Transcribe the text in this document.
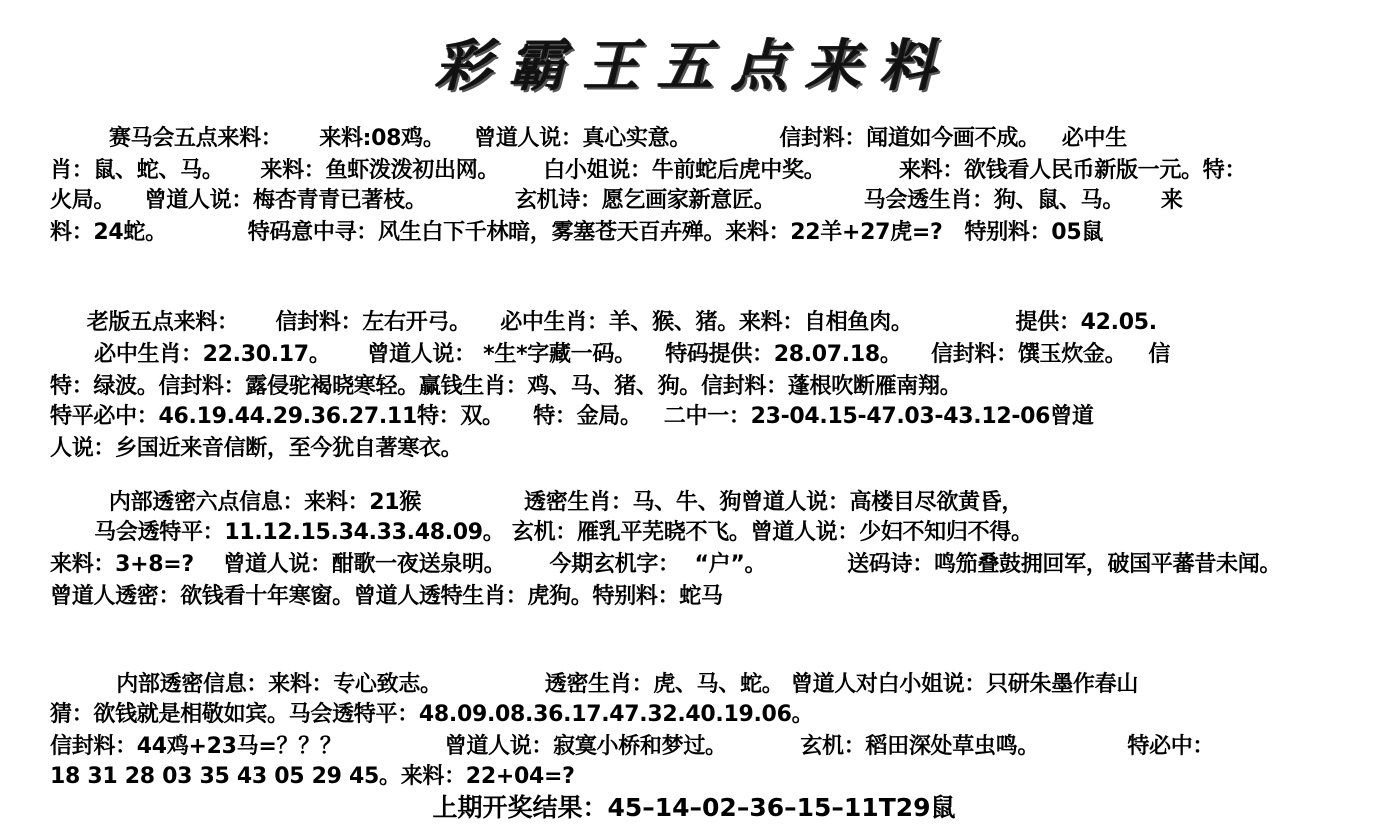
彩霸王五点来料
赛马会五点来料：     来料:08鸡。    曾道人说：真心实意。            信封料：闻道如今画不成。   必中生
肖：鼠、蛇、马。     来料：鱼虾泼泼初出网。      白小姐说：牛前蛇后虎中奖。          来料：欲钱看人民币新版一元。特：
火局。    曾道人说：梅杏青青已著枝。            玄机诗：愿乞画家新意匠。            马会透生肖：狗、鼠、马。     来
料：24蛇。           特码意中寻：风生白下千林暗，雾塞苍天百卉殚。来料：22羊+27虎=?   特别料：05鼠
老版五点来料：     信封料：左右开弓。    必中生肖：羊、猴、猪。来料：自相鱼肉。              提供：42.05.
必中生肖：22.30.17。     曾道人说： *生*字藏一码。    特码提供：28.07.18。    信封料：馔玉炊金。   信
特：绿波。信封料：露侵驼褐晓寒轻。赢钱生肖：鸡、马、猪、狗。信封料：蓬根吹断雁南翔。
特平必中：46.19.44.29.36.27.11特：双。    特：金局。   二中一：23-04.15-47.03-43.12-06曾道
人说：乡国近来音信断，至今犹自著寒衣。
内部透密六点信息：来料：21猴              透密生肖：马、牛、狗曾道人说：高楼目尽欲黄昏，
马会透特平：11.12.15.34.33.48.09。 玄机：雁乳平芜晓不飞。曾道人说：少妇不知归不得。
来料：3+8=?    曾道人说：酣歌一夜送泉明。      今期玄机字：  “户”。           送码诗：鸣笳叠鼓拥回军，破国平蕃昔未闻。
曾道人透密：欲钱看十年寒窗。曾道人透特生肖：虎狗。特别料：蛇马
内部透密信息：来料：专心致志。              透密生肖：虎、马、蛇。 曾道人对白小姐说：只研朱墨作春山
猜：欲钱就是相敬如宾。马会透特平：48.09.08.36.17.47.32.40.19.06。
信封料：44鸡+23马=？？？              曾道人说：寂寞小桥和梦过。          玄机：稻田深处草虫鸣。            特必中：
18 31 28 03 35 43 05 29 45。来料：22+04=?
上期开奖结果：45–14–02–36–15–11T29鼠
